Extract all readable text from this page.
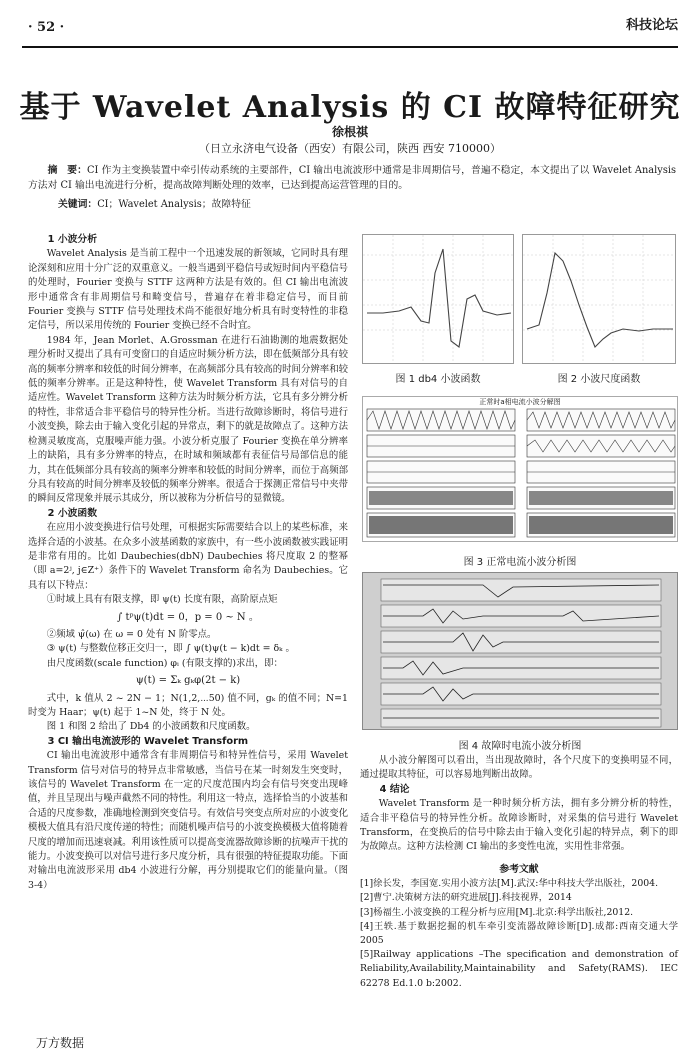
· 52 ·	科技论坛
基于 Wavelet Analysis 的 CI 故障特征研究
徐根祺
（日立永济电气设备（西安）有限公司，陕西 西安 710000）
摘　要：CI 作为主变换装置中牵引传动系统的主要部件，CI 输出电流波形中通常是非周期信号，普遍不稳定，本文提出了以 Wavelet Analysis 方法对 CI 输出电流进行分析，提高故障判断处理的效率，已达到提高运营管理的目的。
关键词：CI；Wavelet Analysis；故障特征
1 小波分析

Wavelet Analysis 是当前工程中一个迅速发展的新领域，它同时具有理论深刻和应用十分广泛的双重意义。一般当遇到平稳信号或短时间内平稳信号的处理时，Fourier 变换与 STTF 这两种方法是有效的。但 CI 输出电流波形中通常含有非周期信号和畸变信号，普遍存在着非稳定信号，而目前 Fourier 变换与 STTF 信号处理技术尚不能很好地分析具有时变特性的非稳定信号，所以采用传统的 Fourier 变换已经不合时宜。

1984 年，Jean Morlet、A.Grossman 在进行石油勘测的地震数据处理分析时又提出了具有可变窗口的自适应时频分析方法，即在低频部分具有较高的频率分辨率和较低的时间分辨率，在高频部分具有较高的时间分辨率和较低的频率分辨率。正是这种特性，使 Wavelet Transform 具有对信号的自适应性。Wavelet Transform 这种方法为时频分析方法，它具有多分辨分析的特性，非常适合非平稳信号的特异性分析。当进行故障诊断时，将信号进行小波变换，除去由于输入变化引起的异常点，剩下的就是故障点了。这种方法检测灵敏度高，克服噪声能力强。小波分析克服了 Fourier 变换在单分辨率上的缺陷，具有多分辨率的特点，在时域和频域都有表征信号局部信息的能力，其在低频部分具有较高的频率分辨率和较低的时间分辨率，而位于高频部分具有较高的时间分辨率及较低的频率分辨率。很适合于探测正常信号中夹带的瞬间反常现象并展示其成分，所以被称为分析信号的显微镜。

2 小波函数

在应用小波变换进行信号处理，可根据实际需要结合以上的某些标准，来选择合适的小波基。在众多小波基函数的家族中，有一些小波函数被实践证明是非常有用的。比如 Daubechies(dbN) Daubechies 将尺度取 2 的整幂（即 a=2ʲ, j∈Z⁺）条件下的 Wavelet Transform 命名为 Daubechies。它具有以下特点：

①时域上具有有限支撑，即 ψ(t) 长度有限，高阶原点矩

∫ tᵖψ(t)dt = 0，p = 0 ~ N 。

②频域 ψ̂(ω) 在 ω = 0 处有 N 阶零点。

③ ψ(t) 与整数位移正交归一，即 ∫ ψ(t)ψ(t − k)dt = δₖ 。

由尺度函数(scale function) φᵢ (有限支撑的)求出，即：

ψ(t) = Σₖ gₖφ(2t − k)

式中，k 值从 2 ~ 2N − 1；N(1,2,⋯50) 值不同，gₖ 的值不同；N=1 时变为 Haar；ψ(t) 起于 1~N 处，终于 N 处。

图 1 和图 2 给出了 Db4 的小波函数和尺度函数。

3 CI 输出电流波形的 Wavelet Transform

CI 输出电流波形中通常含有非周期信号和特异性信号，采用 Wavelet Transform 信号对信号的特异点非常敏感，当信号在某一时刻发生突变时，该信号的 Wavelet Transform 在一定的尺度范围内均会有信号突变出现峰值，并且呈现出与噪声截然不同的特性。利用这一特点，选择恰当的小波基和合适的尺度参数，准确地检测到突变信号。有效信号突变点所对应的小波变化模极大值具有沿尺度传递的特性；而随机噪声信号的小波变换模极大值将随着尺度的增加而迅速衰减。利用该性质可以提高变流器故障诊断的抗噪声干扰的能力。小波变换可以对信号进行多尺度分析，具有很强的特征提取功能。下面对输出电流波形采用 db4 小波进行分解，再分别提取它们的能量向量。（图 3-4）

图 1 db4 小波函数	图 2 小波尺度函数
正常时a相电流小波分解图
图 3 正常电流小波分析图
图 4 故障时电流小波分析图

从小波分解图可以看出，当出现故障时，各个尺度下的变换明显不同，通过提取其特征，可以容易地判断出故障。

4 结论

Wavelet Transform 是一种时频分析方法，拥有多分辨分析的特性，适合非平稳信号的特异性分析。故障诊断时，对采集的信号进行 Wavelet Transform，在变换后的信号中除去由于输入变化引起的特异点，剩下的即为故障点。这种方法检测 CI 输出的多变性电流，实用性非常强。

参考文献
[1]徐长发，李国宽.实用小波方法[M].武汉:华中科技大学出版社，2004.
[2]曹宁.决策树方法的研究进展[J].科技视界，2014
[3]杨福生.小波变换的工程分析与应用[M].北京:科学出版社,2012.
[4]王轶.基于数据挖掘的机车牵引变流器故障诊断[D].成都:西南交通大学 2005
[5]Railway applications –The specification and demonstration of Reliability,Availability,Maintainability and Safety(RAMS). IEC 62278 Ed.1.0 b:2002.
万方数据
